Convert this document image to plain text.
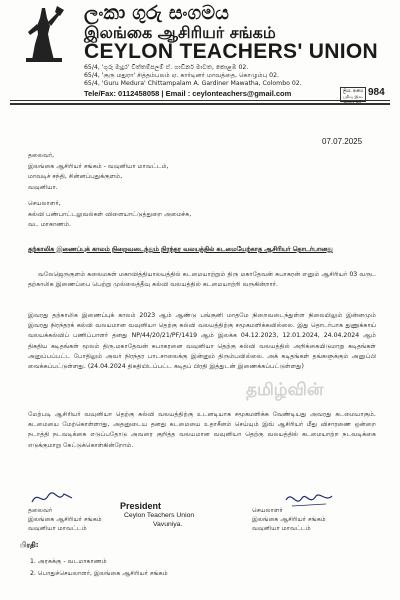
ලංකා ගුරු සංගමය
இலங்கை ஆசிரியர் சங்கம்
CEYLON TEACHERS' UNION
65/4, 'ගුරු මැදුර' චිත්තම්පලම් ඒ. ගාඩිනර් මාවත, කොළඹ 02.
65/4, 'குரு மதுரா' சித்தம்பலம் ஏ. கார்டினர் மாவத்தை, கொழும்பு 02.
65/4, 'Guru Medura' Chittampalam A. Gardiner Mawatha, Colombo 02.
Tele/Fax: 0112458058 | Email : ceylonteachers@gmail.com	ලියා. අංකය
பதிவு இல.
Regd No.
984
07.07.2025
தலைவர்,
இலங்கை ஆசிரியர் சங்கம் - வவுனியா மாவட்டம்,
மாவடிச் சந்தி, சின்னப்புதுக்குளம்,
வவுனியா.
செயலாளர்,
கல்வி பண்பாட்டலுவல்கள் விளையாட்டுத்துறை அமைச்சு,
வட மாகாணம்.
தற்காலிக இணைப்புக் காலம் நிறைவடைந்தும் நிரந்தர வலயத்தில் கடமையேற்காத ஆசிரியர் தொடர்பானது
வலேஜெருகுளம் கலைமகள் மகாவித்தியாலயத்தில் கடமையாற்றும் திரு மகாதேவன் சுபாகரன் எனும் ஆசிரியர் 03 வருட தற்காலிக இணைப்பை பெற்று முல்லைத்தீவு கல்வி வலயத்தில் கடமையாற்றி வருகின்றார்.
இவரது தற்காலிக இணைப்புக் காலம் 2023 ஆம் ஆண்டு பங்குனி மாதமே நிறைவடைந்துள்ள நிலையிலும் இன்னமும் இவரது நிரந்தரக் கல்வி வலயமான வவுனியா தெற்கு கல்வி வலயத்திற்கு சமூகமளிக்கவில்லை. இது தொடர்பாக துணுக்காய் வலயக்கல்விப் பணிப்பாளர் தனது NP/44/20/21/PF/1419 ஆம் இலக்க 04.12.2023, 12.01.2024, 24.04.2024 ஆம் திகதிய கடிதங்கள் மூலம் திரு.மகாதேவன் சுபாகரனை வவுனியா தெற்கு கல்வி வலயத்தில் அறிக்கையிடுமாறு கடிதங்கள் அனுப்பப்பட்ட போதிலும் அவர் நிரந்தர பாடசாலைக்கு இன்னும் திரும்பவில்லை. அக் கடிதங்கள் தங்களுக்கும் அனுப்பி வைக்கப்பட்டுள்ளது. (24.04.2024 திகதியிடப்பட்ட கடிதப் பிரதி இத்துடன் இணைக்கப்பட்டுள்ளது)
தமிழ்வின்
மேற்படி ஆசிரியர் வவுனியா தெற்கு கல்வி வலயத்திற்கு உடனடியாக சமூகமளிக்க வேண்டியது அவரது கடமையாகும். கடமையை மேற்கொள்ளாது, அதனுடைய தனது கடமையை உதாசீனம் செய்யும் இவ் ஆசிரியர் மீது விசாரணை ஒன்றை நடாத்தி நடவடிக்கை எடுப்பதோடு அவரை குறித்த வலயமான வவுனியா தெற்கு வலயத்தில் கடமையாற்ற நடவடிக்கை எடுக்குமாறு கேட்டுக்கொள்கின்றோம்.
தலைவர்
இலங்கை ஆசிரியர் சங்கம்
வவுனியா மாவட்டம்
President
Ceylon Teachers Union
Vavuniya.
செயலாளர்
இலங்கை ஆசிரியர் சங்கம்
வவுனியா மாவட்டம்
பிரதி:
1. அரசுக்கு - வடமாகாணம்
2. பொதுச்செயலாளர், இலங்கை ஆசிரியர் சங்கம்
